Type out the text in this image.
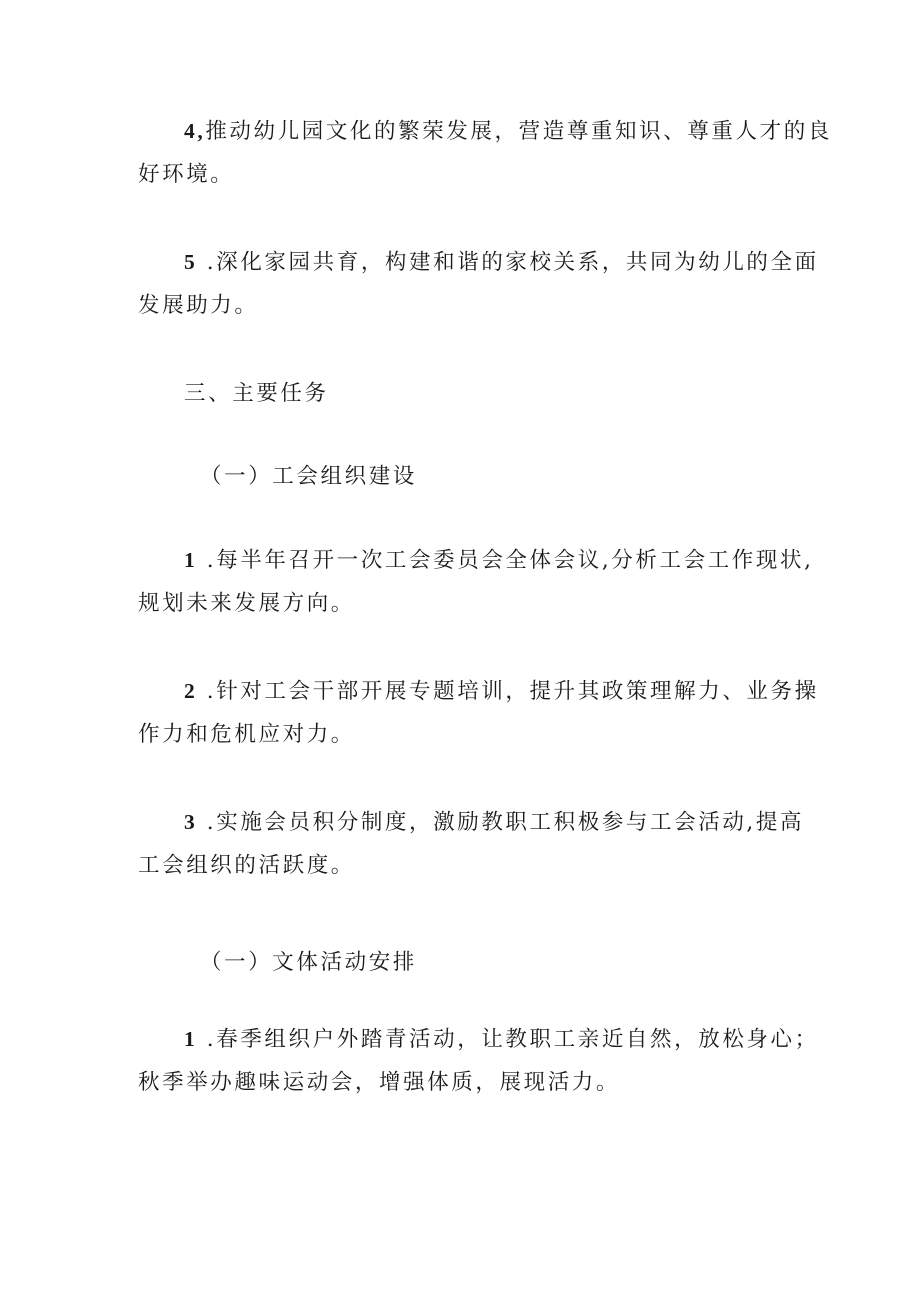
4,推动幼儿园文化的繁荣发展，营造尊重知识、尊重人才的良
好环境。

5 .深化家园共育，构建和谐的家校关系，共同为幼儿的全面
发展助力。

三、主要任务
（一）工会组织建设

1 .每半年召开一次工会委员会全体会议,分析工会工作现状,
规划未来发展方向。

2 .针对工会干部开展专题培训，提升其政策理解力、业务操
作力和危机应对力。

3 .实施会员积分制度，激励教职工积极参与工会活动,提高
工会组织的活跃度。

（一）文体活动安排

1 .春季组织户外踏青活动，让教职工亲近自然，放松身心；
秋季举办趣味运动会，增强体质，展现活力。
